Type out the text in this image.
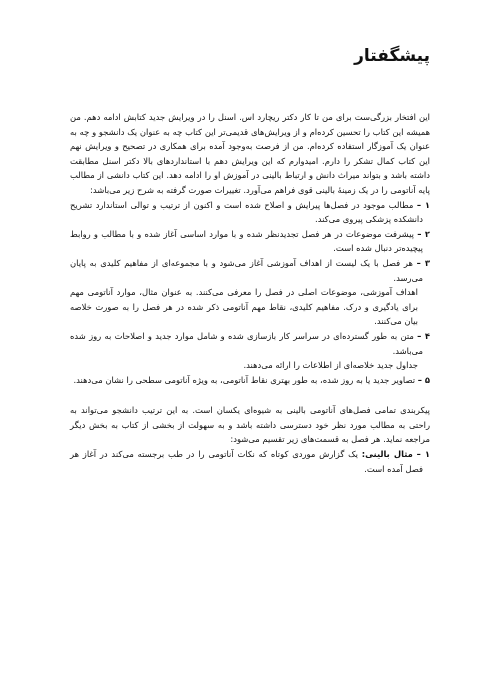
پیشگفتار

این افتخار بزرگی‌ست برای من تا کار دکتر ریچارد اس. اسنل را در ویرایش جدید کتابش ادامه دهم. من همیشه این کتاب را تحسین کرده‌ام و از ویرایش‌های قدیمی‌تر این کتاب چه به عنوان یک دانشجو و چه به عنوان یک آموزگار استفاده کرده‌ام. من از فرصت به‌وجود آمده برای همکاری در تصحیح و ویرایش نهم این کتاب کمال تشکر را دارم. امیدوارم که این ویرایش دهم با استانداردهای بالا دکتر اسنل مطابقت داشته باشد و بتواند میراث دانش و ارتباط بالینی در آموزش او را ادامه دهد. این کتاب دانشی از مطالب پایه آناتومی را در یک زمینهٔ بالینی قوی فراهم می‌آورد. تغییرات صورت گرفته به شرح زیر می‌باشد:

۱ – مطالب موجود در فصل‌ها پیرایش و اصلاح شده است و اکنون از ترتیب و توالی استاندارد تشریح دانشکده پزشکی پیروی می‌کند.

۲ – پیشرفت موضوعات در هر فصل تجدیدنظر شده و با موارد اساسی آغاز شده و با مطالب و روابط پیچیده‌تر دنبال شده است.

۳ – هر فصل با یک لیست از اهداف آموزشی آغاز می‌شود و با مجموعه‌ای از مفاهیم کلیدی به پایان می‌رسد.

اهداف آموزشی، موضوعات اصلی در فصل را معرفی می‌کنند. به عنوان مثال، موارد آناتومی مهم برای یادگیری و درک. مفاهیم کلیدی، نقاط مهم آناتومی ذکر شده در هر فصل را به صورت خلاصه بیان می‌کنند.

۴ – متن به طور گسترده‌ای در سراسر کار بازسازی شده و شامل موارد جدید و اصلاحات به روز شده می‌باشد.

جداول جدید خلاصه‌ای از اطلاعات را ارائه می‌دهند.

۵ – تصاویر جدید یا به روز شده، به طور بهتری نقاط آناتومی، به ویژه آناتومی سطحی را نشان می‌دهند.

پیکربندی تمامی فصل‌های آناتومی بالینی به شیوه‌ای یکسان است. به این ترتیب دانشجو می‌تواند به راحتی به مطالب مورد نظر خود دسترسی داشته باشد و به سهولت از بخشی از کتاب به بخش دیگر مراجعه نماید. هر فصل به قسمت‌های زیر تقسیم می‌شود:

۱ – مثال بالینی: یک گزارش موردی کوتاه که نکات آناتومی را در طب برجسته می‌کند در آغاز هر فصل آمده است.
